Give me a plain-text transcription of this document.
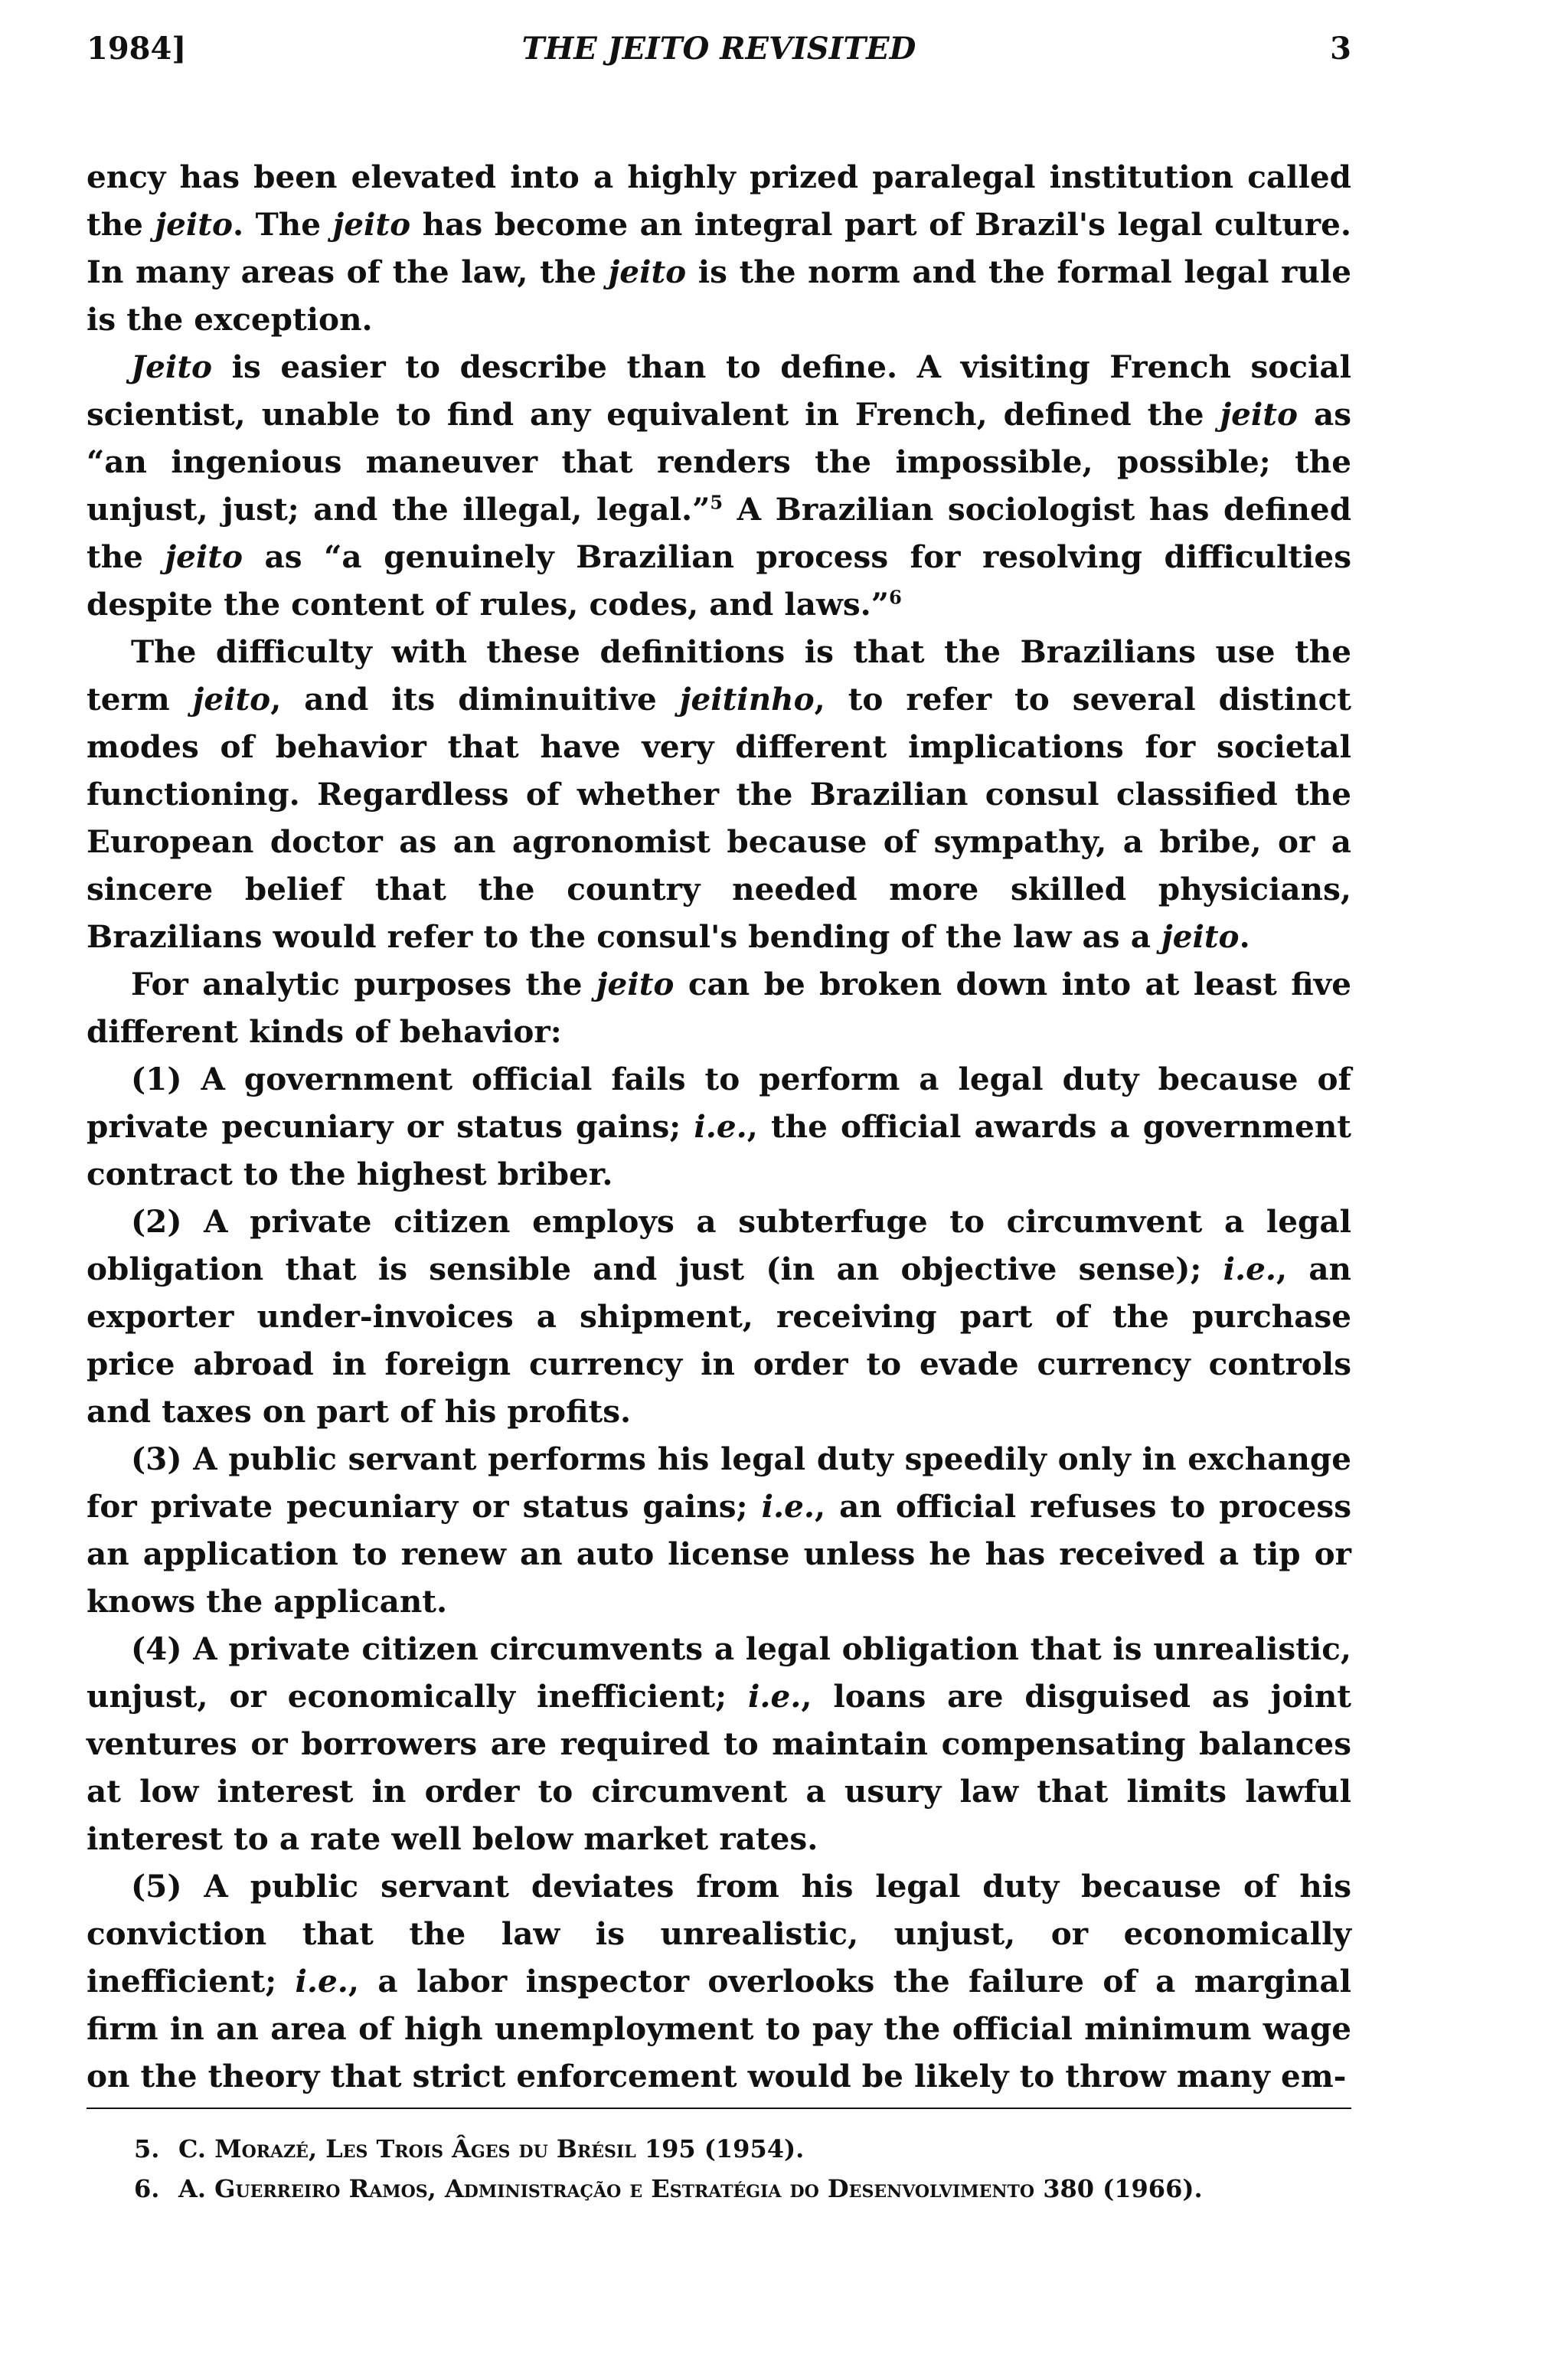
1984]	THE JEITO REVISITED	3

ency has been elevated into a highly prized paralegal institution called the jeito. The jeito has become an integral part of Brazil's legal culture. In many areas of the law, the jeito is the norm and the formal legal rule is the exception.

Jeito is easier to describe than to define. A visiting French social scientist, unable to find any equivalent in French, defined the jeito as “an ingenious maneuver that renders the impossible, possible; the unjust, just; and the illegal, legal.”$^5$ A Brazilian sociologist has defined the jeito as “a genuinely Brazilian process for resolving difficulties despite the content of rules, codes, and laws.”$^6$

The difficulty with these definitions is that the Brazilians use the term jeito, and its diminuitive jeitinho, to refer to several distinct modes of behavior that have very different implications for societal functioning. Regardless of whether the Brazilian consul classified the European doctor as an agronomist because of sympathy, a bribe, or a sincere belief that the country needed more skilled physicians, Brazilians would refer to the consul's bending of the law as a jeito.

For analytic purposes the jeito can be broken down into at least five different kinds of behavior:

(1) A government official fails to perform a legal duty because of private pecuniary or status gains; i.e., the official awards a government contract to the highest briber.

(2) A private citizen employs a subterfuge to circumvent a legal obligation that is sensible and just (in an objective sense); i.e., an exporter under-invoices a shipment, receiving part of the purchase price abroad in foreign currency in order to evade currency controls and taxes on part of his profits.

(3) A public servant performs his legal duty speedily only in exchange for private pecuniary or status gains; i.e., an official refuses to process an application to renew an auto license unless he has received a tip or knows the applicant.

(4) A private citizen circumvents a legal obligation that is unrealistic, unjust, or economically inefficient; i.e., loans are disguised as joint ventures or borrowers are required to maintain compensating balances at low interest in order to circumvent a usury law that limits lawful interest to a rate well below market rates.

(5) A public servant deviates from his legal duty because of his conviction that the law is unrealistic, unjust, or economically inefficient; i.e., a labor inspector overlooks the failure of a marginal firm in an area of high unemployment to pay the official minimum wage on the theory that strict enforcement would be likely to throw many em-

5. C. Morazé, Les Trois Âges du Brésil 195 (1954).
6. A. Guerreiro Ramos, Administração e Estratégia do Desenvolvimento 380 (1966).
